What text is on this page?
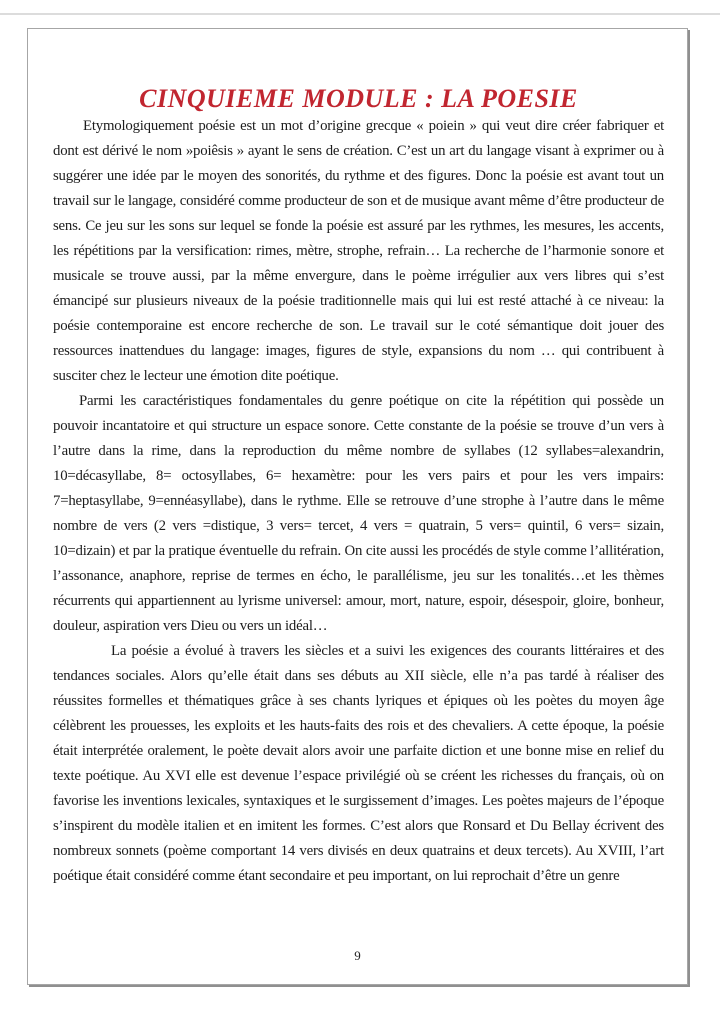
CINQUIEME MODULE : LA POESIE

Etymologiquement poésie est un mot d’origine grecque « poiein » qui veut dire créer fabriquer et dont est dérivé le nom »poiêsis » ayant le sens de création. C’est un art du langage visant à exprimer ou à suggérer une idée par le moyen des sonorités, du rythme et des figures. Donc la poésie est avant tout un travail sur le langage, considéré comme producteur de son et de musique avant même d’être producteur de sens. Ce jeu sur les sons sur lequel se fonde la poésie est assuré par les rythmes, les mesures, les accents, les répétitions par la versification: rimes, mètre, strophe, refrain… La recherche de l’harmonie sonore et musicale se trouve aussi, par la même envergure, dans le poème irrégulier aux vers libres qui s’est émancipé sur plusieurs niveaux de la poésie traditionnelle mais qui lui est resté attaché à ce niveau: la poésie contemporaine est encore recherche de son. Le travail sur le coté sémantique doit jouer des ressources inattendues du langage: images, figures de style, expansions du nom … qui contribuent à susciter chez le lecteur une émotion dite poétique.

Parmi les caractéristiques fondamentales du genre poétique on cite la répétition qui possède un pouvoir incantatoire et qui structure un espace sonore. Cette constante de la poésie se trouve d’un vers à l’autre dans la rime, dans la reproduction du même nombre de syllabes (12 syllabes=alexandrin, 10=décasyllabe, 8= octosyllabes, 6= hexamètre: pour les vers pairs et pour les vers impairs: 7=heptasyllabe, 9=ennéasyllabe), dans le rythme. Elle se retrouve d’une strophe à l’autre dans le même nombre de vers (2 vers =distique, 3 vers= tercet, 4 vers = quatrain, 5 vers= quintil, 6 vers= sizain, 10=dizain) et par la pratique éventuelle du refrain. On cite aussi les procédés de style comme l’allitération, l’assonance, anaphore, reprise de termes en écho, le parallélisme, jeu sur les tonalités…et les thèmes récurrents qui appartiennent au lyrisme universel: amour, mort, nature, espoir, désespoir, gloire, bonheur, douleur, aspiration vers Dieu ou vers un idéal…

La poésie a évolué à travers les siècles et a suivi les exigences des courants littéraires et des tendances sociales. Alors qu’elle était dans ses débuts au XII siècle, elle n’a pas tardé à réaliser des réussites formelles et thématiques grâce à ses chants lyriques et épiques où les poètes du moyen âge célèbrent les prouesses, les exploits et les hauts-faits des rois et des chevaliers. A cette époque, la poésie était interprétée oralement, le poète devait alors avoir une parfaite diction et une bonne mise en relief du texte poétique. Au XVI elle est devenue l’espace privilégié où se créent les richesses du français, où on favorise les inventions lexicales, syntaxiques et le surgissement d’images. Les poètes majeurs de l’époque s’inspirent du modèle italien et en imitent les formes. C’est alors que Ronsard et Du Bellay écrivent des nombreux sonnets (poème comportant 14 vers divisés en deux quatrains et deux tercets). Au XVIII, l’art poétique était considéré comme étant secondaire et peu important, on lui reprochait d’être un genre

9
